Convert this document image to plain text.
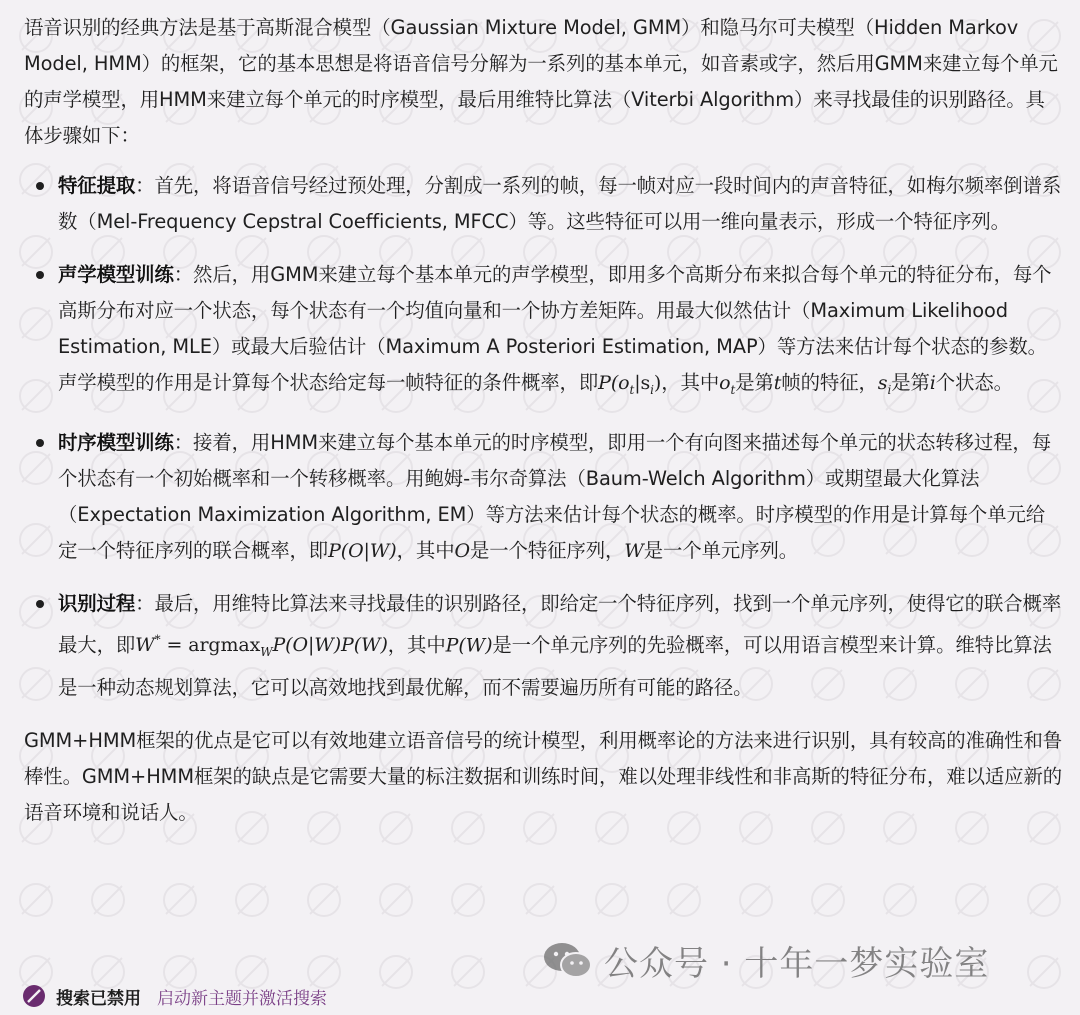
语音识别的经典方法是基于高斯混合模型（Gaussian Mixture Model, GMM）和隐马尔可夫模型（Hidden Markov Model, HMM）的框架，它的基本思想是将语音信号分解为一系列的基本单元，如音素或字，然后用GMM来建立每个单元的声学模型，用HMM来建立每个单元的时序模型，最后用维特比算法（Viterbi Algorithm）来寻找最佳的识别路径。具体步骤如下：

特征提取：首先，将语音信号经过预处理，分割成一系列的帧，每一帧对应一段时间内的声音特征，如梅尔频率倒谱系数（Mel-Frequency Cepstral Coefficients, MFCC）等。这些特征可以用一维向量表示，形成一个特征序列。
声学模型训练：然后，用GMM来建立每个基本单元的声学模型，即用多个高斯分布来拟合每个单元的特征分布，每个高斯分布对应一个状态，每个状态有一个均值向量和一个协方差矩阵。用最大似然估计（Maximum Likelihood Estimation, MLE）或最大后验估计（Maximum A Posteriori Estimation, MAP）等方法来估计每个状态的参数。声学模型的作用是计算每个状态给定每一帧特征的条件概率，即$P(o_t|s_i)$，其中$o_t$是第t帧的特征，$s_i$是第i个状态。
时序模型训练：接着，用HMM来建立每个基本单元的时序模型，即用一个有向图来描述每个单元的状态转移过程，每个状态有一个初始概率和一个转移概率。用鲍姆-韦尔奇算法（Baum-Welch Algorithm）或期望最大化算法（Expectation Maximization Algorithm, EM）等方法来估计每个状态的概率。时序模型的作用是计算每个单元给定一个特征序列的联合概率，即P(O|W)，其中O是一个特征序列，W是一个单元序列。
识别过程：最后，用维特比算法来寻找最佳的识别路径，即给定一个特征序列，找到一个单元序列，使得它的联合概率最大，即W* = argmax$_W$P(O|W)P(W)，其中P(W)是一个单元序列的先验概率，可以用语言模型来计算。维特比算法是一种动态规划算法，它可以高效地找到最优解，而不需要遍历所有可能的路径。

GMM+HMM框架的优点是它可以有效地建立语音信号的统计模型，利用概率论的方法来进行识别，具有较高的准确性和鲁棒性。GMM+HMM框架的缺点是它需要大量的标注数据和训练时间，难以处理非线性和非高斯的特征分布，难以适应新的语音环境和说话人。

公众号 · 十年一梦实验室
搜索已禁用 启动新主题并激活搜索
